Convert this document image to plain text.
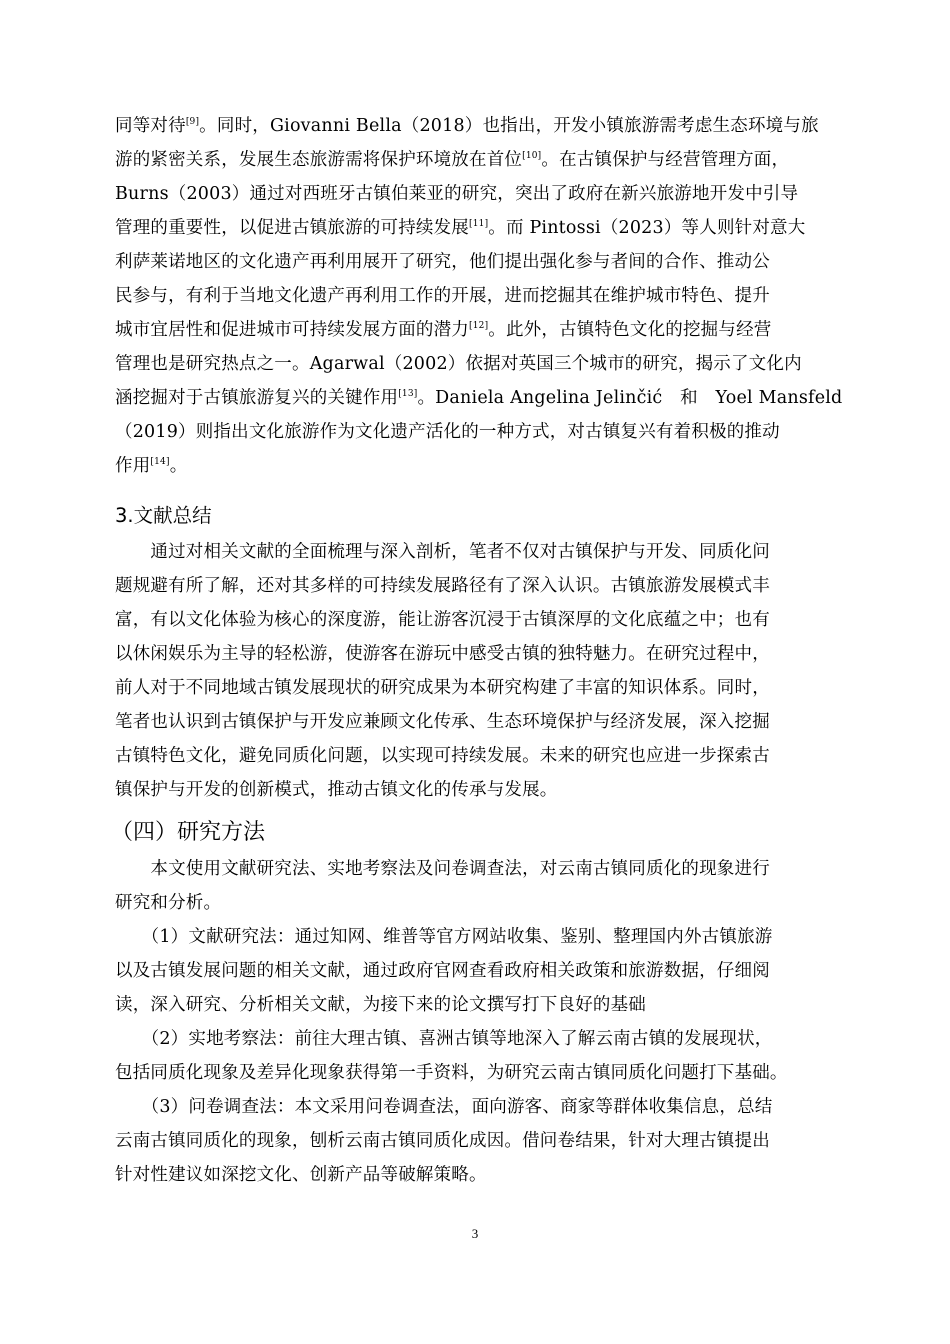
同等对待[9]。同时，Giovanni Bella（2018）也指出，开发小镇旅游需考虑生态环境与旅
游的紧密关系，发展生态旅游需将保护环境放在首位[10]。在古镇保护与经营管理方面，
Burns（2003）通过对西班牙古镇伯莱亚的研究，突出了政府在新兴旅游地开发中引导
管理的重要性，以促进古镇旅游的可持续发展[11]。而 Pintossi（2023）等人则针对意大
利萨莱诺地区的文化遗产再利用展开了研究，他们提出强化参与者间的合作、推动公
民参与，有利于当地文化遗产再利用工作的开展，进而挖掘其在维护城市特色、提升
城市宜居性和促进城市可持续发展方面的潜力[12]。此外，古镇特色文化的挖掘与经营
管理也是研究热点之一。Agarwal（2002）依据对英国三个城市的研究，揭示了文化内
涵挖掘对于古镇旅游复兴的关键作用[13]。Daniela Angelina Jelinčić　和　Yoel Mansfeld
（2019）则指出文化旅游作为文化遗产活化的一种方式，对古镇复兴有着积极的推动
作用[14]。
3.文献总结
　　通过对相关文献的全面梳理与深入剖析，笔者不仅对古镇保护与开发、同质化问
题规避有所了解，还对其多样的可持续发展路径有了深入认识。古镇旅游发展模式丰
富，有以文化体验为核心的深度游，能让游客沉浸于古镇深厚的文化底蕴之中；也有
以休闲娱乐为主导的轻松游，使游客在游玩中感受古镇的独特魅力。在研究过程中，
前人对于不同地域古镇发展现状的研究成果为本研究构建了丰富的知识体系。同时，
笔者也认识到古镇保护与开发应兼顾文化传承、生态环境保护与经济发展，深入挖掘
古镇特色文化，避免同质化问题，以实现可持续发展。未来的研究也应进一步探索古
镇保护与开发的创新模式，推动古镇文化的传承与发展。
（四）研究方法
　　本文使用文献研究法、实地考察法及问卷调查法，对云南古镇同质化的现象进行
研究和分析。
　　（1）文献研究法：通过知网、维普等官方网站收集、鉴别、整理国内外古镇旅游
以及古镇发展问题的相关文献，通过政府官网查看政府相关政策和旅游数据，仔细阅
读，深入研究、分析相关文献，为接下来的论文撰写打下良好的基础
　　（2）实地考察法：前往大理古镇、喜洲古镇等地深入了解云南古镇的发展现状，
包括同质化现象及差异化现象获得第一手资料，为研究云南古镇同质化问题打下基础。
　　（3）问卷调查法：本文采用问卷调查法，面向游客、商家等群体收集信息，总结
云南古镇同质化的现象，刨析云南古镇同质化成因。借问卷结果，针对大理古镇提出
针对性建议如深挖文化、创新产品等破解策略。
3
